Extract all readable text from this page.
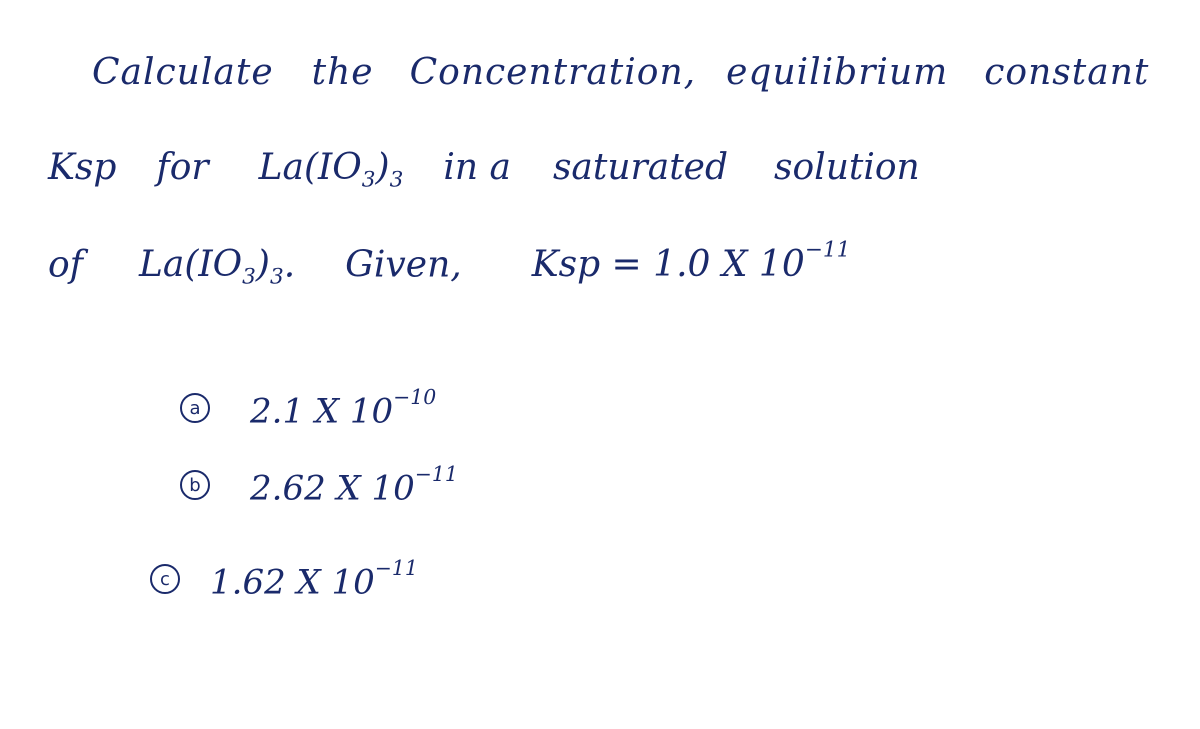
Calculate the Concentration, equilibrium constant
Ksp for $La(IO_3)_3$ in a saturated solution
of $La(IO_3)_3$. Given, Ksp = 1.0 X $10^{-11}$
a 2.1 X $10^{-10}$
b 2.62 X $10^{-11}$
c 1.62 X $10^{-11}$
